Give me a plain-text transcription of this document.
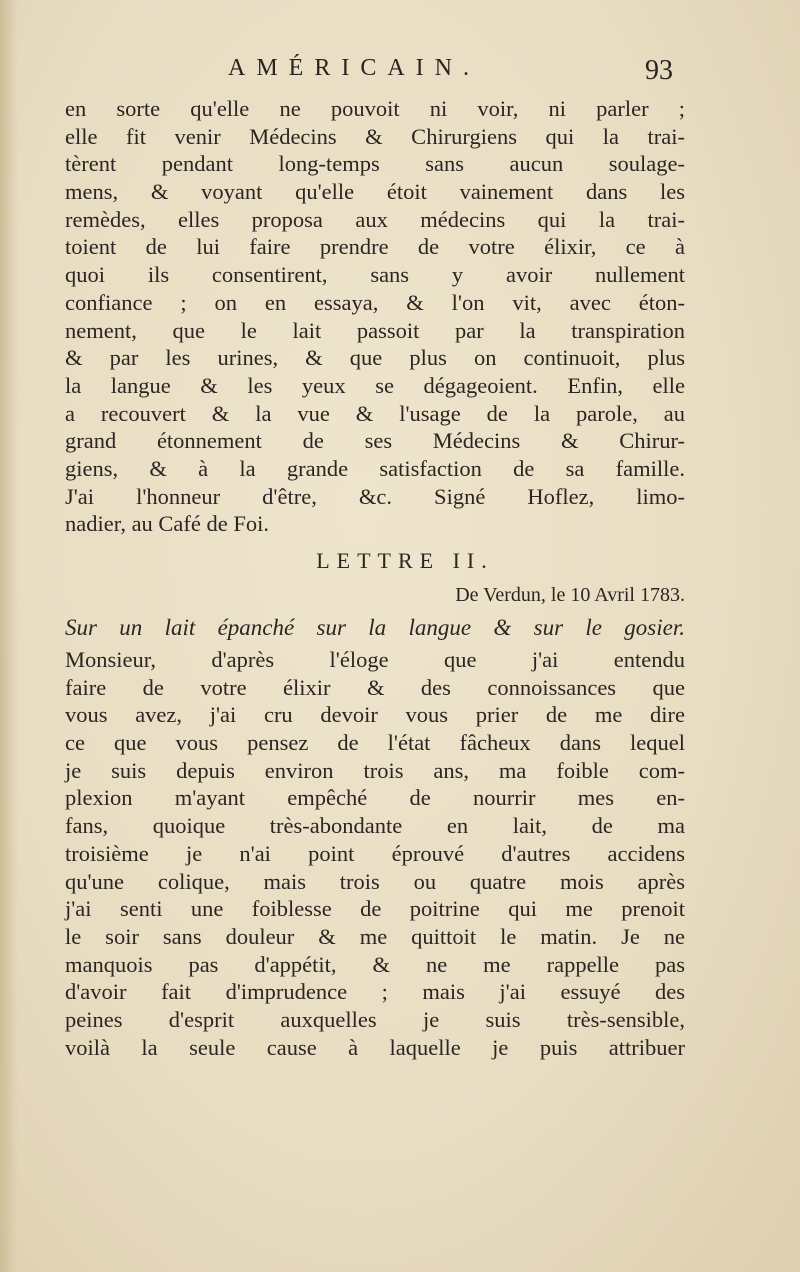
AMÉRICAIN.	93
en sorte qu'elle ne pouvoit ni voir, ni parler ;
elle fit venir Médecins & Chirurgiens qui la trai-
tèrent pendant long-temps sans aucun soulage-
mens, & voyant qu'elle étoit vainement dans les
remèdes, elles proposa aux médecins qui la trai-
toient de lui faire prendre de votre élixir, ce à
quoi ils consentirent, sans y avoir nullement
confiance ; on en essaya, & l'on vit, avec éton-
nement, que le lait passoit par la transpiration
& par les urines, & que plus on continuoit, plus
la langue & les yeux se dégageoient. Enfin, elle
a recouvert & la vue & l'usage de la parole, au
grand étonnement de ses Médecins & Chirur-
giens, & à la grande satisfaction de sa famille.
J'ai l'honneur d'être, &c. Signé Hoflez, limo-
nadier, au Café de Foi.
LETTRE II.
De Verdun, le 10 Avril 1783.
Sur un lait épanché sur la langue & sur le gosier.
Monsieur, d'après l'éloge que j'ai entendu
faire de votre élixir & des connoissances que
vous avez, j'ai cru devoir vous prier de me dire
ce que vous pensez de l'état fâcheux dans lequel
je suis depuis environ trois ans, ma foible com-
plexion m'ayant empêché de nourrir mes en-
fans, quoique très-abondante en lait, de ma
troisième je n'ai point éprouvé d'autres accidens
qu'une colique, mais trois ou quatre mois après
j'ai senti une foiblesse de poitrine qui me prenoit
le soir sans douleur & me quittoit le matin. Je ne
manquois pas d'appétit, & ne me rappelle pas
d'avoir fait d'imprudence ; mais j'ai essuyé des
peines d'esprit auxquelles je suis très-sensible,
voilà la seule cause à laquelle je puis attribuer
